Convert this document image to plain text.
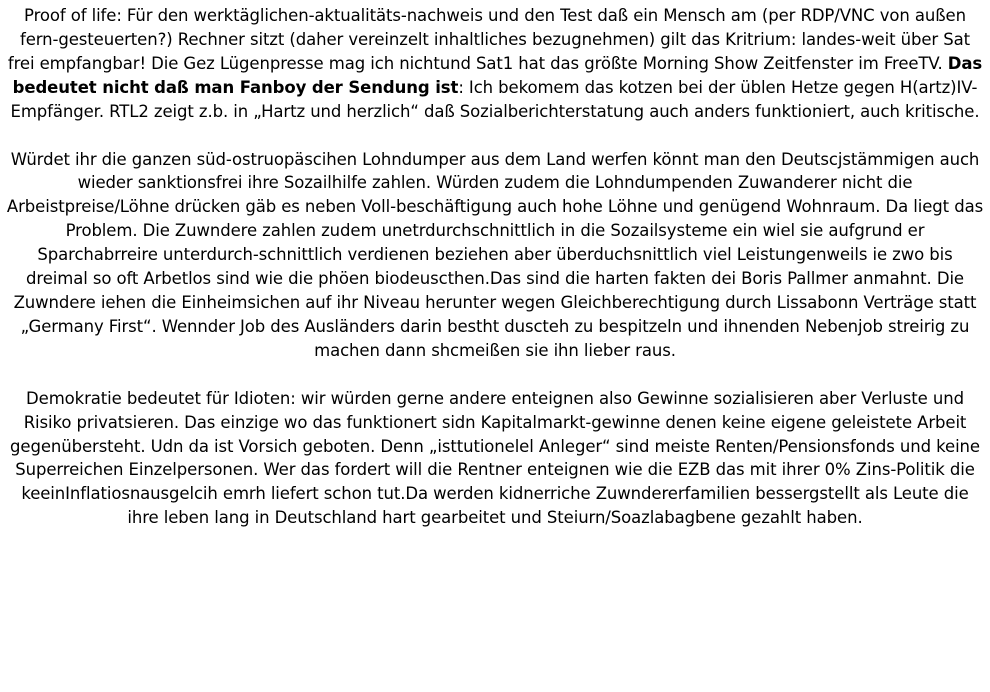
Proof of life: Für den werktäglichen-aktualitäts-nachweis und den Test daß ein Mensch am (per RDP/VNC von außen fern-gesteuerten?) Rechner sitzt (daher vereinzelt inhaltliches bezugnehmen) gilt das Kritrium: landes-weit über Sat frei empfangbar! Die Gez Lügenpresse mag ich nichtund Sat1 hat das größte Morning Show Zeitfenster im FreeTV. Das bedeutet nicht daß man Fanboy der Sendung ist: Ich bekomem das kotzen bei der üblen Hetze gegen H(artz)IV-Empfänger. RTL2 zeigt z.b. in „Hartz und herzlich“ daß Sozialberichterstatung auch anders funktioniert, auch kritische.

Würdet ihr die ganzen süd-ostruopäscihen Lohndumper aus dem Land werfen könnt man den Deutscjstämmigen auch wieder sanktionsfrei ihre Sozailhilfe zahlen. Würden zudem die Lohndumpenden Zuwanderer nicht die Arbeistpreise/Löhne drücken gäb es neben Voll-beschäftigung auch hohe Löhne und genügend Wohnraum. Da liegt das Problem. Die Zuwndere zahlen zudem unetrdurchschnittlich in die Sozailsysteme ein wiel sie aufgrund er Sparchabrreire unterdurch-schnittlich verdienen beziehen aber überduchsnittlich viel Leistungenweils ie zwo bis dreimal so oft Arbetlos sind wie die phöen biodeuscthen.Das sind die harten fakten dei Boris Pallmer anmahnt. Die Zuwndere iehen die Einheimsichen auf ihr Niveau herunter wegen Gleichberechtigung durch Lissabonn Verträge statt „Germany First“. Wennder Job des Ausländers darin bestht duscteh zu bespitzeln und ihnenden Nebenjob streirig zu machen dann shcmeißen sie ihn lieber raus.

Demokratie bedeutet für Idioten: wir würden gerne andere enteignen also Gewinne sozialisieren aber Verluste und Risiko privatsieren. Das einzige wo das funktionert sidn Kapitalmarkt-gewinne denen keine eigene geleistete Arbeit gegenübersteht. Udn da ist Vorsich geboten. Denn „isttutionelel Anleger“ sind meiste Renten/Pensionsfonds und keine Superreichen Einzelpersonen. Wer das fordert will die Rentner enteignen wie die EZB das mit ihrer 0% Zins-Politik die keeinInflatiosnausgelcih emrh liefert schon tut.Da werden kidnerriche Zuwndererfamilien bessergstellt als Leute die ihre leben lang in Deutschland hart gearbeitet und Steiurn/Soazlabagbene gezahlt haben.
